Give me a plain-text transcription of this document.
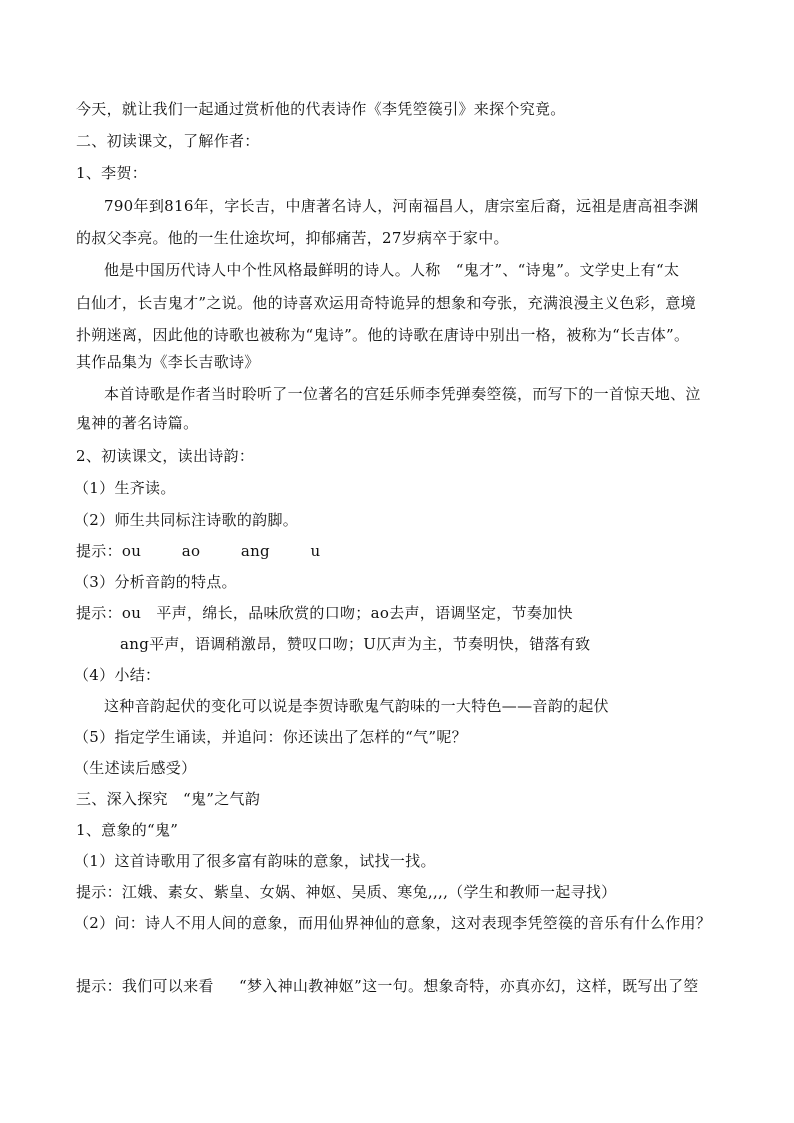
今天，就让我们一起通过赏析他的代表诗作《李凭箜篌引》来探个究竟。
二、初读课文，了解作者：
1、李贺：
790年到816年，字长吉，中唐著名诗人，河南福昌人，唐宗室后裔，远祖是唐高祖李渊
的叔父李亮。他的一生仕途坎坷，抑郁痛苦，27岁病卒于家中。
他是中国历代诗人中个性风格最鲜明的诗人。人称   “鬼才”、“诗鬼”。文学史上有“太
白仙才，长吉鬼才”之说。他的诗喜欢运用奇特诡异的想象和夸张，充满浪漫主义色彩，意境
扑朔迷离，因此他的诗歌也被称为“鬼诗”。他的诗歌在唐诗中别出一格，被称为“长吉体”。
其作品集为《李长吉歌诗》
本首诗歌是作者当时聆听了一位著名的宫廷乐师李凭弹奏箜篌，而写下的一首惊天地、泣
鬼神的著名诗篇。
2、初读课文，读出诗韵：
（1）生齐读。
（2）师生共同标注诗歌的韵脚。
提示：ou        ao        ang        u
（3）分析音韵的特点。
提示：ou   平声，绵长，品味欣赏的口吻；ao去声，语调坚定，节奏加快
ang平声，语调稍激昂，赞叹口吻；U仄声为主，节奏明快，错落有致
（4）小结：
这种音韵起伏的变化可以说是李贺诗歌鬼气韵味的一大特色——音韵的起伏
（5）指定学生诵读，并追问：你还读出了怎样的“气”呢？
（生述读后感受）
三、深入探究   “鬼”之气韵
1、意象的“鬼”
（1）这首诗歌用了很多富有韵味的意象，试找一找。
提示：江娥、素女、紫皇、女娲、神妪、吴质、寒兔,,,,（学生和教师一起寻找）
（2）问：诗人不用人间的意象，而用仙界神仙的意象，这对表现李凭箜篌的音乐有什么作用？
提示：我们可以来看     “梦入神山教神妪”这一句。想象奇特，亦真亦幻，这样，既写出了箜
